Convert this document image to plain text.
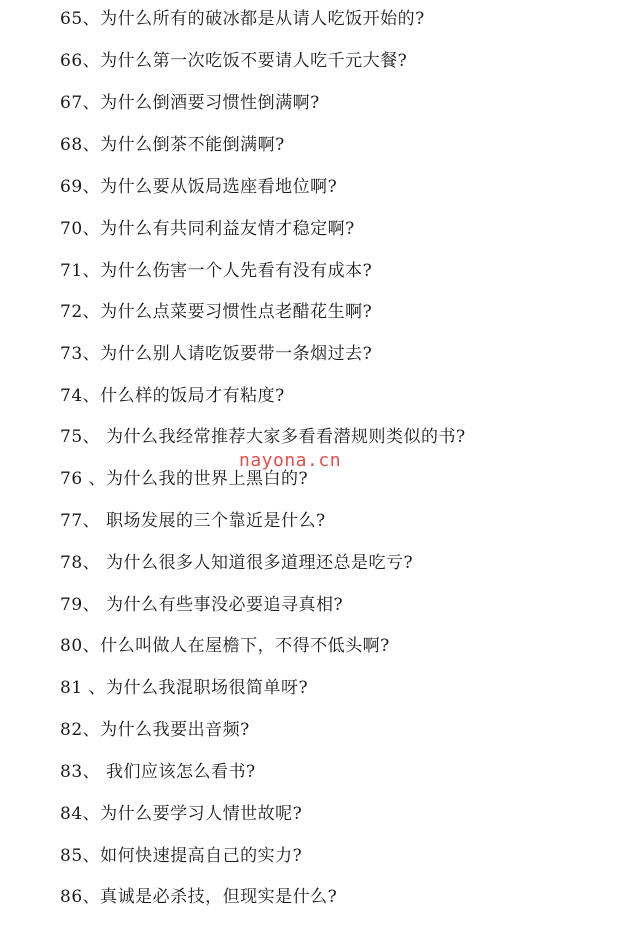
65、为什么所有的破冰都是从请人吃饭开始的?
66、为什么第一次吃饭不要请人吃千元大餐?
67、为什么倒酒要习惯性倒满啊?
68、为什么倒茶不能倒满啊?
69、为什么要从饭局选座看地位啊?
70、为什么有共同利益友情才稳定啊?
71、为什么伤害一个人先看有没有成本?
72、为什么点菜要习惯性点老醋花生啊?
73、为什么别人请吃饭要带一条烟过去?
74、什么样的饭局才有粘度?
75、 为什么我经常推荐大家多看看潜规则类似的书?
76 、为什么我的世界上黑白的?
77、 职场发展的三个靠近是什么?
78、 为什么很多人知道很多道理还总是吃亏?
79、 为什么有些事没必要追寻真相?
80、什么叫做人在屋檐下，不得不低头啊?
81 、为什么我混职场很简单呀?
82、为什么我要出音频?
83、 我们应该怎么看书?
84、为什么要学习人情世故呢?
85、如何快速提高自己的实力?
86、真诚是必杀技，但现实是什么?
nayona.cn
